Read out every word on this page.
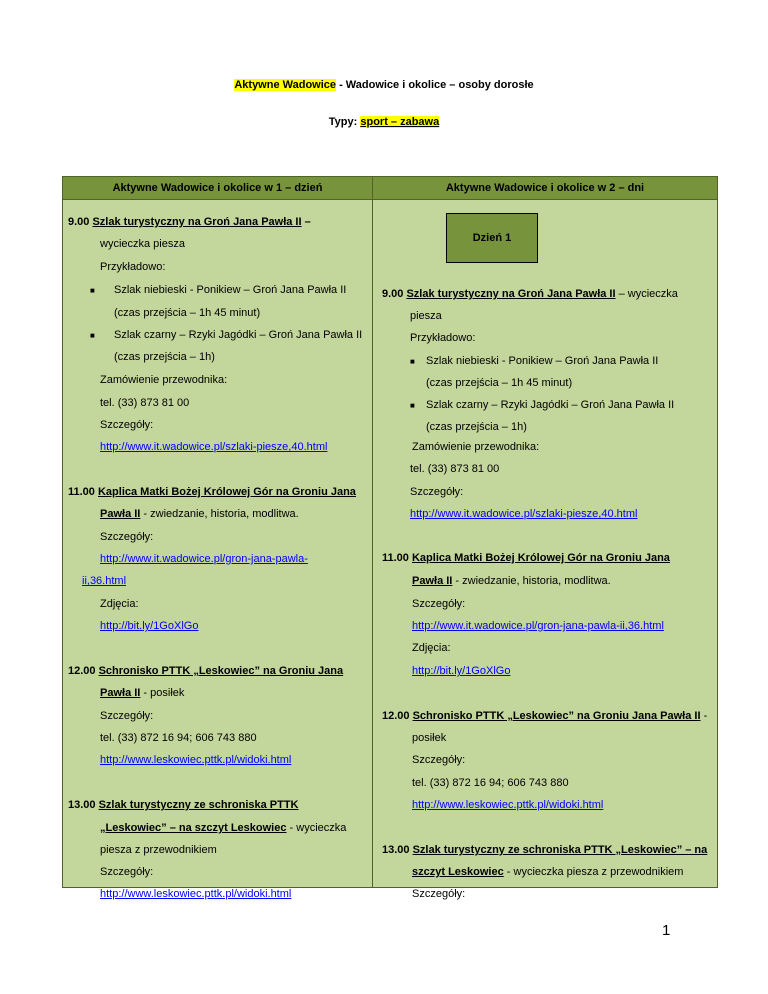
Aktywne Wadowice - Wadowice i okolice – osoby dorosłe
Typy: sport – zabawa
Aktywne Wadowice i okolice w 1 – dzień	Aktywne Wadowice i okolice w 2 – dni
9.00 Szlak turystyczny na Groń Jana Pawła II –
wycieczka piesza
Przykładowo:
■ Szlak niebieski - Ponikiew – Groń Jana Pawła II
(czas przejścia – 1h 45 minut)
■ Szlak czarny – Rzyki Jagódki – Groń Jana Pawła II
(czas przejścia – 1h)
Zamówienie przewodnika:
tel. (33) 873 81 00
Szczegóły:
http://www.it.wadowice.pl/szlaki-piesze,40.html
11.00 Kaplica Matki Bożej Królowej Gór na Groniu Jana
Pawła II - zwiedzanie, historia, modlitwa.
Szczegóły:
http://www.it.wadowice.pl/gron-jana-pawla-
ii,36.html
Zdjęcia:
http://bit.ly/1GoXlGo
12.00 Schronisko PTTK „Leskowiec” na Groniu Jana
Pawła II - posiłek
Szczegóły:
tel. (33) 872 16 94; 606 743 880
http://www.leskowiec.pttk.pl/widoki.html
13.00 Szlak turystyczny ze schroniska PTTK
„Leskowiec” – na szczyt Leskowiec - wycieczka
piesza z przewodnikiem
Szczegóły:
http://www.leskowiec.pttk.pl/widoki.html
Dzień 1
9.00 Szlak turystyczny na Groń Jana Pawła II – wycieczka
piesza
Przykładowo:
■ Szlak niebieski - Ponikiew – Groń Jana Pawła II
(czas przejścia – 1h 45 minut)
■ Szlak czarny – Rzyki Jagódki – Groń Jana Pawła II
(czas przejścia – 1h)
Zamówienie przewodnika:
tel. (33) 873 81 00
Szczegóły:
http://www.it.wadowice.pl/szlaki-piesze,40.html
11.00 Kaplica Matki Bożej Królowej Gór na Groniu Jana
Pawła II - zwiedzanie, historia, modlitwa.
Szczegóły:
http://www.it.wadowice.pl/gron-jana-pawla-ii,36.html
Zdjęcia:
http://bit.ly/1GoXlGo
12.00 Schronisko PTTK „Leskowiec” na Groniu Jana Pawła II -
posiłek
Szczegóły:
tel. (33) 872 16 94; 606 743 880
http://www.leskowiec.pttk.pl/widoki.html
13.00 Szlak turystyczny ze schroniska PTTK „Leskowiec” – na
szczyt Leskowiec - wycieczka piesza z przewodnikiem
Szczegóły:
1
